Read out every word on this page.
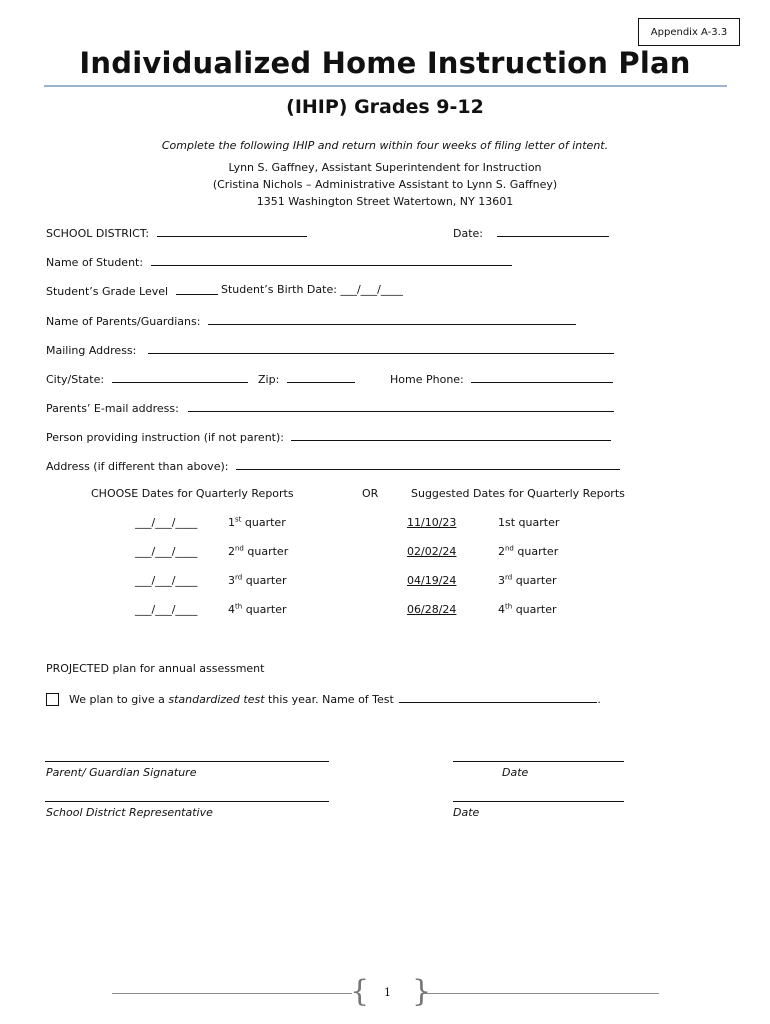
Appendix A-3.3
Individualized Home Instruction Plan
(IHIP) Grades 9-12
Complete the following IHIP and return within four weeks of filing letter of intent.
Lynn S. Gaffney, Assistant Superintendent for Instruction
(Cristina Nichols – Administrative Assistant to Lynn S. Gaffney)
1351 Washington Street Watertown, NY 13601
SCHOOL DISTRICT:	Date:
Name of Student:
Student’s Grade Level	Student’s Birth Date: ___/___/____
Name of Parents/Guardians:
Mailing Address:
City/State:	Zip:	Home Phone:
Parents’ E-mail address:
Person providing instruction (if not parent):
Address (if different than above):
CHOOSE Dates for Quarterly Reports	OR	Suggested Dates for Quarterly Reports
___/___/____	1st quarter	11/10/23	1st quarter
___/___/____	2nd quarter	02/02/24	2nd quarter
___/___/____	3rd quarter	04/19/24	3rd quarter
___/___/____	4th quarter	06/28/24	4th quarter
PROJECTED plan for annual assessment
We plan to give a standardized test this year. Name of Test	.
Parent/ Guardian Signature	Date
School District Representative	Date
{ }
1
